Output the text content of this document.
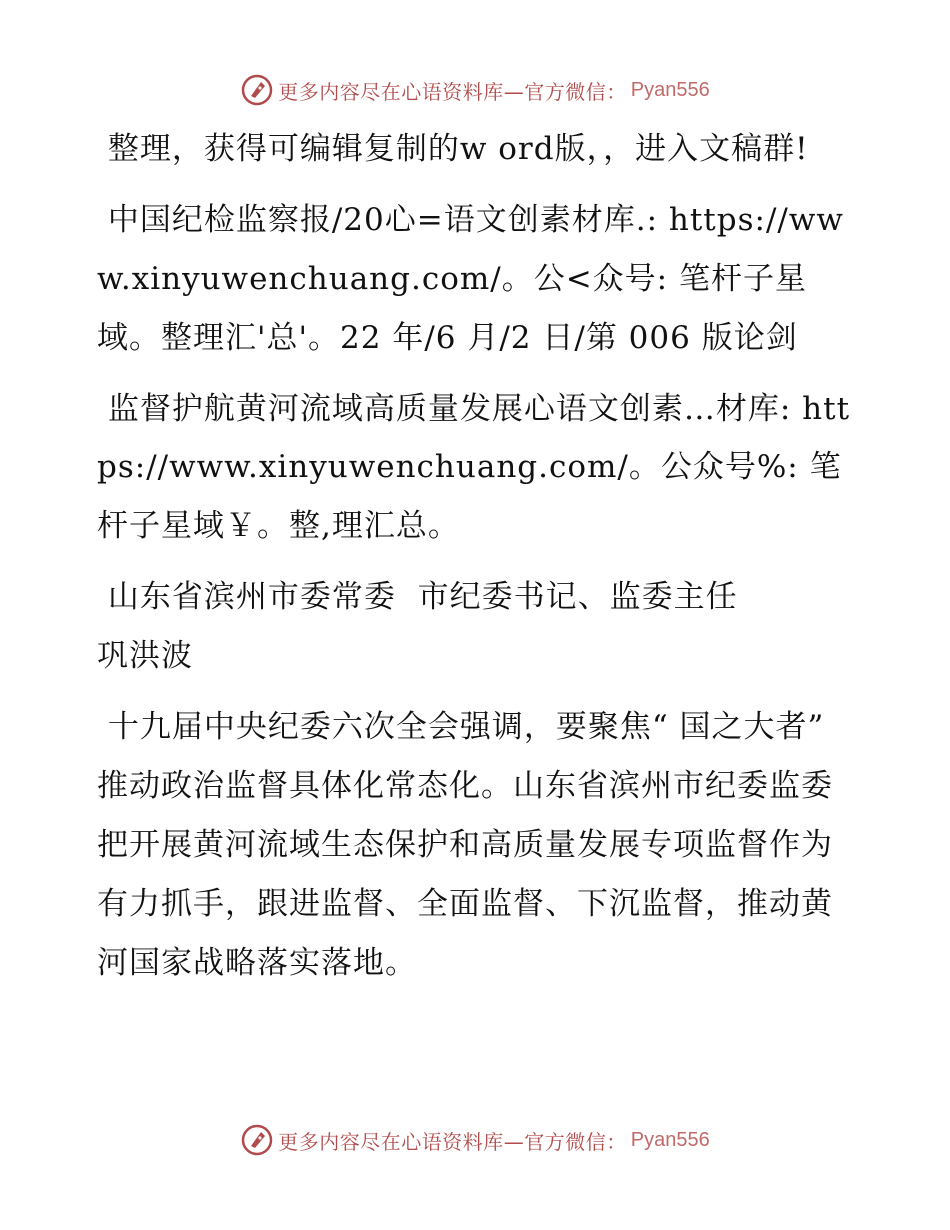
更多内容尽在心语资料库—官方微信： Pyan556

整理，获得可编辑复制的w ord版，，进入文稿群!

中国纪检监察报/20心=语文创素材库.: https://www.xinyuwenchuang.com/。公<众号: 笔杆子星域。整理汇'总'。22 年/6 月/2 日/第 006 版论剑

监督护航黄河流域高质量发展心语文创素…材库: https://www.xinyuwenchuang.com/。公众号%: 笔杆子星域￥。整,理汇总。

山东省滨州市委常委  市纪委书记、监委主任
巩洪波

十九届中央纪委六次全会强调，要聚焦“ 国之大者” 推动政治监督具体化常态化。山东省滨州市纪委监委把开展黄河流域生态保护和高质量发展专项监督作为有力抓手，跟进监督、全面监督、下沉监督，推动黄河国家战略落实落地。

更多内容尽在心语资料库—官方微信： Pyan556
